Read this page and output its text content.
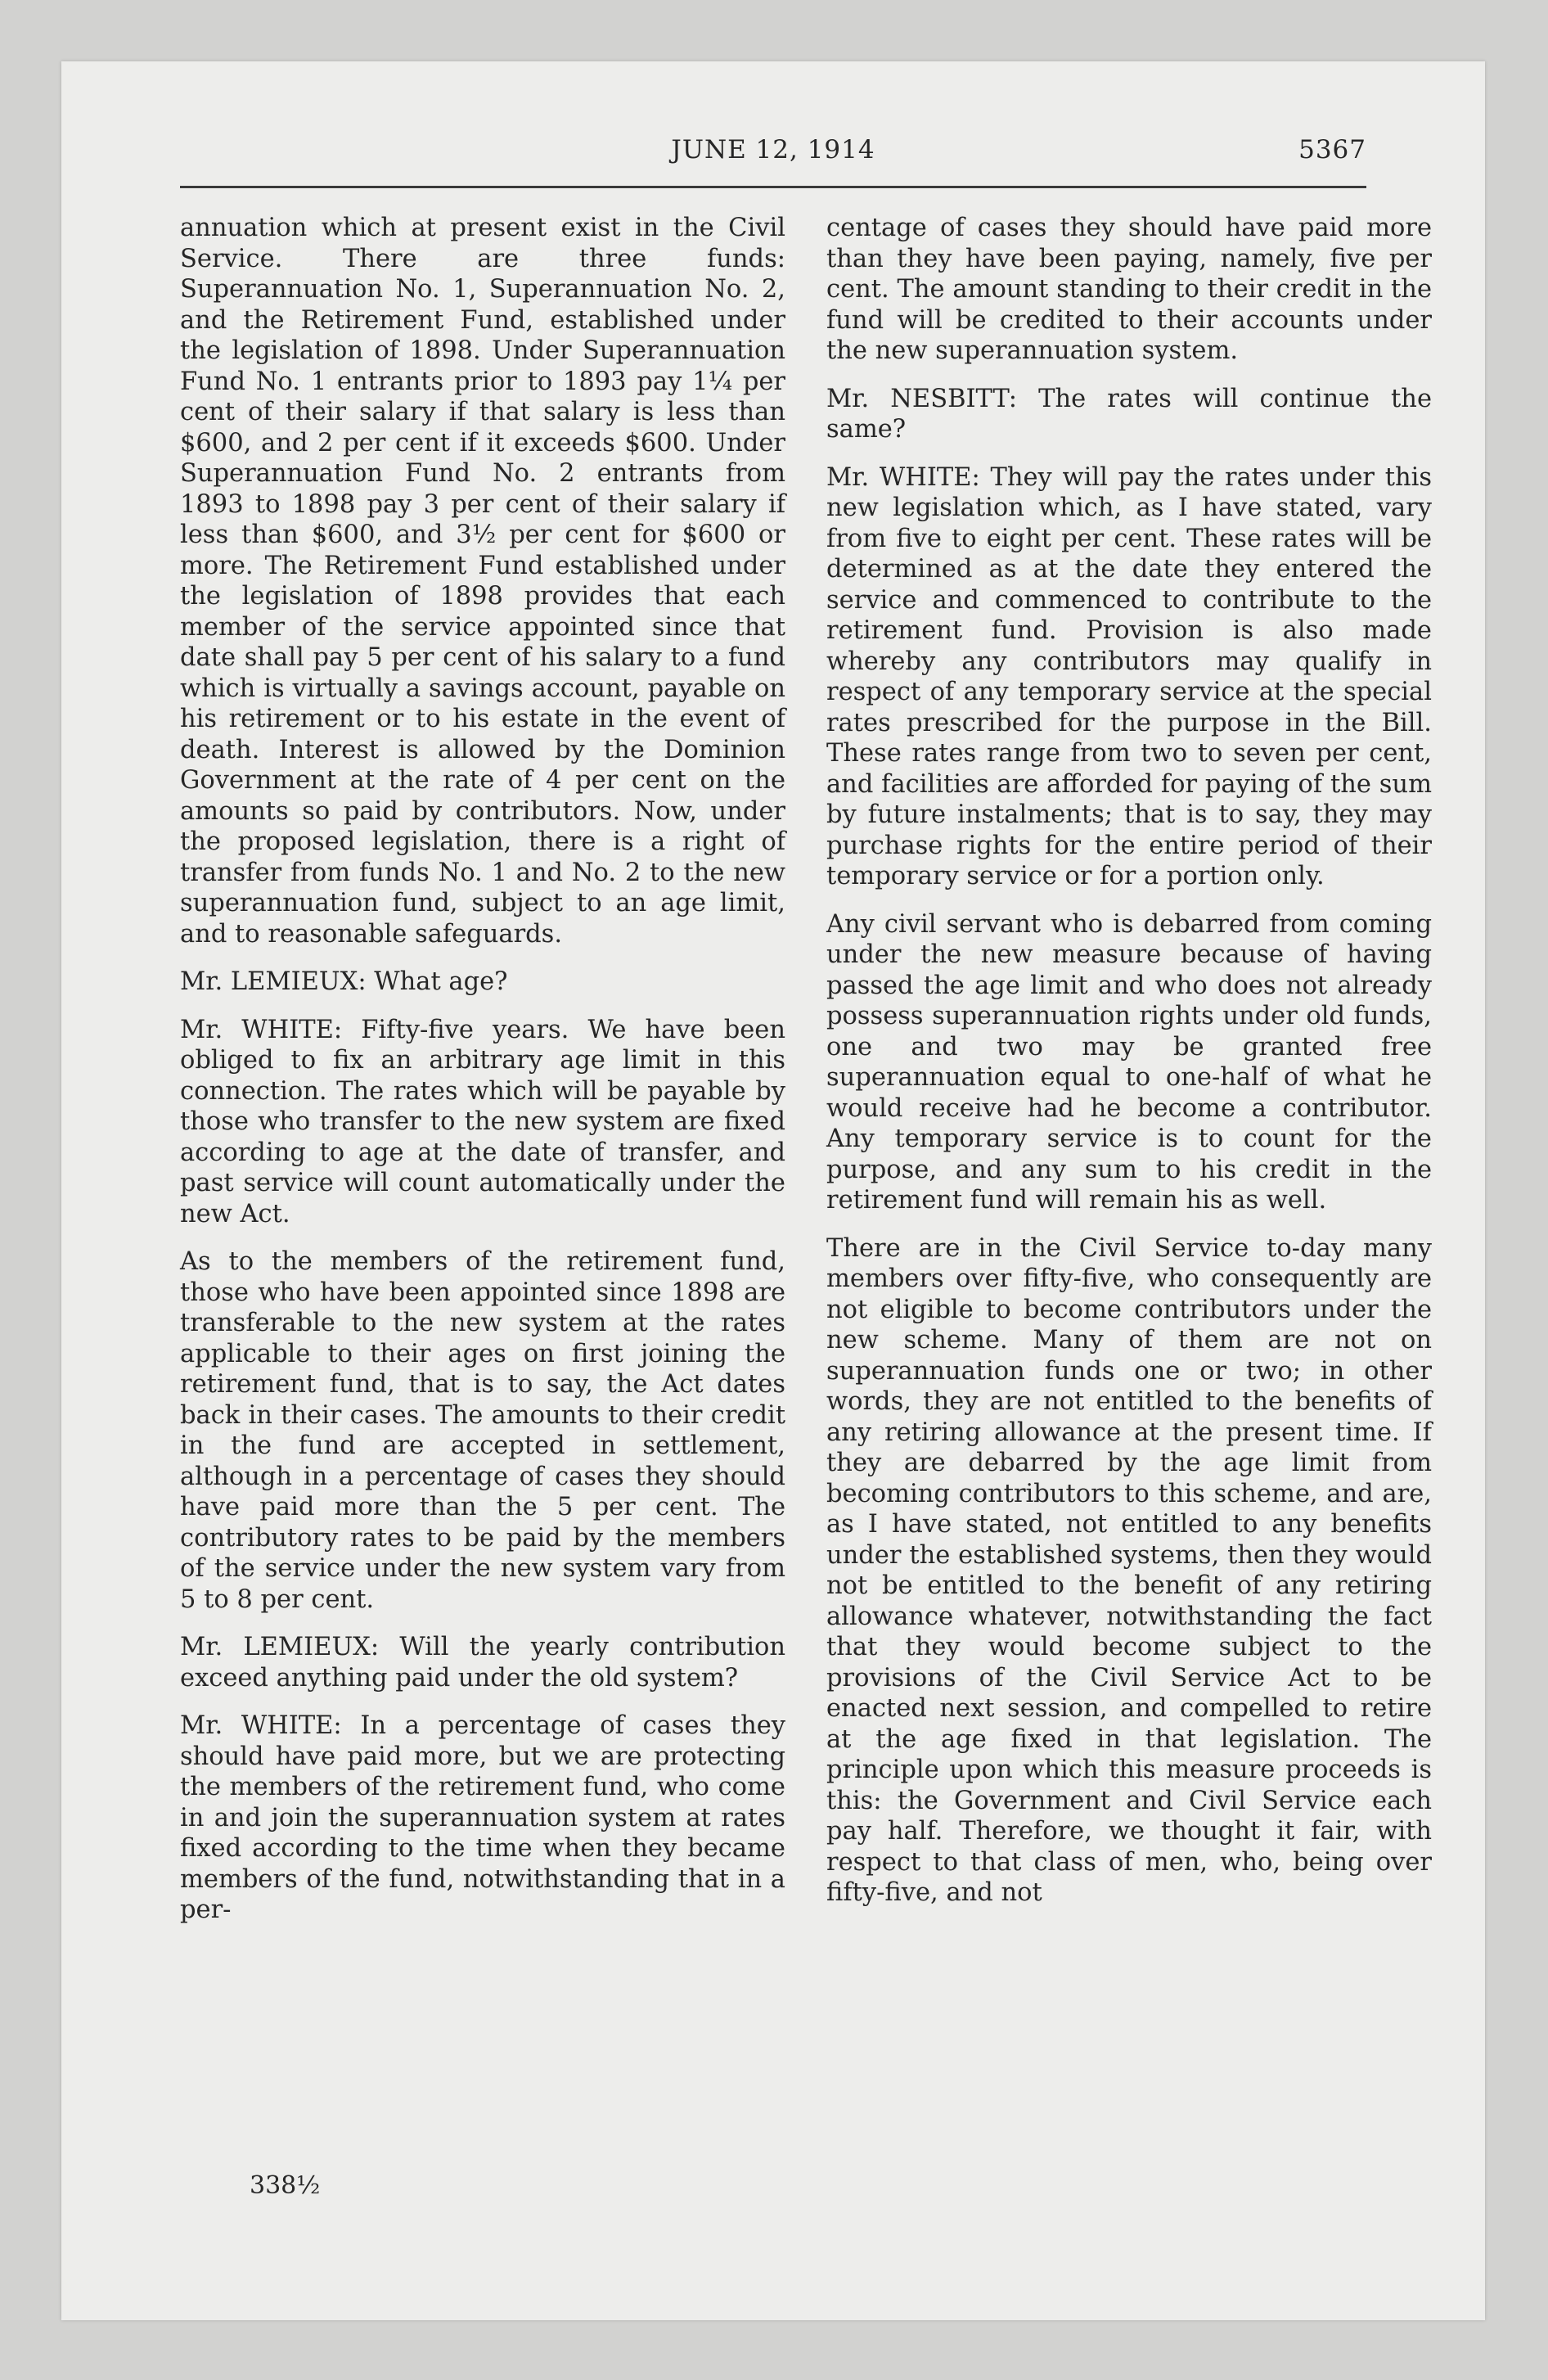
JUNE 12, 1914	5367

annuation which at present exist in the Civil Service. There are three funds: Superannuation No. 1, Superannuation No. 2, and the Retirement Fund, established under the legislation of 1898. Under Superannuation Fund No. 1 entrants prior to 1893 pay 1¼ per cent of their salary if that salary is less than $600, and 2 per cent if it exceeds $600. Under Superannuation Fund No. 2 entrants from 1893 to 1898 pay 3 per cent of their salary if less than $600, and 3½ per cent for $600 or more. The Retirement Fund established under the legislation of 1898 provides that each member of the service appointed since that date shall pay 5 per cent of his salary to a fund which is virtually a savings account, payable on his retirement or to his estate in the event of death. Interest is allowed by the Dominion Government at the rate of 4 per cent on the amounts so paid by contributors. Now, under the proposed legislation, there is a right of transfer from funds No. 1 and No. 2 to the new superannuation fund, subject to an age limit, and to reasonable safeguards.

Mr. LEMIEUX: What age?

Mr. WHITE: Fifty-five years. We have been obliged to fix an arbitrary age limit in this connection. The rates which will be payable by those who transfer to the new system are fixed according to age at the date of transfer, and past service will count automatically under the new Act.

As to the members of the retirement fund, those who have been appointed since 1898 are transferable to the new system at the rates applicable to their ages on first joining the retirement fund, that is to say, the Act dates back in their cases. The amounts to their credit in the fund are accepted in settlement, although in a percentage of cases they should have paid more than the 5 per cent. The contributory rates to be paid by the members of the service under the new system vary from 5 to 8 per cent.

Mr. LEMIEUX: Will the yearly contribution exceed anything paid under the old system?

Mr. WHITE: In a percentage of cases they should have paid more, but we are protecting the members of the retirement fund, who come in and join the superannuation system at rates fixed according to the time when they became members of the fund, notwithstanding that in a per-

centage of cases they should have paid more than they have been paying, namely, five per cent. The amount standing to their credit in the fund will be credited to their accounts under the new superannuation system.

Mr. NESBITT: The rates will continue the same?

Mr. WHITE: They will pay the rates under this new legislation which, as I have stated, vary from five to eight per cent. These rates will be determined as at the date they entered the service and commenced to contribute to the retirement fund. Provision is also made whereby any contributors may qualify in respect of any temporary service at the special rates prescribed for the purpose in the Bill. These rates range from two to seven per cent, and facilities are afforded for paying of the sum by future instalments; that is to say, they may purchase rights for the entire period of their temporary service or for a portion only.

Any civil servant who is debarred from coming under the new measure because of having passed the age limit and who does not already possess superannuation rights under old funds, one and two may be granted free superannuation equal to one-half of what he would receive had he become a contributor. Any temporary service is to count for the purpose, and any sum to his credit in the retirement fund will remain his as well.

There are in the Civil Service to-day many members over fifty-five, who consequently are not eligible to become contributors under the new scheme. Many of them are not on superannuation funds one or two; in other words, they are not entitled to the benefits of any retiring allowance at the present time. If they are debarred by the age limit from becoming contributors to this scheme, and are, as I have stated, not entitled to any benefits under the established systems, then they would not be entitled to the benefit of any retiring allowance whatever, notwithstanding the fact that they would become subject to the provisions of the Civil Service Act to be enacted next session, and compelled to retire at the age fixed in that legislation. The principle upon which this measure proceeds is this: the Government and Civil Service each pay half. Therefore, we thought it fair, with respect to that class of men, who, being over fifty-five, and not

338½
